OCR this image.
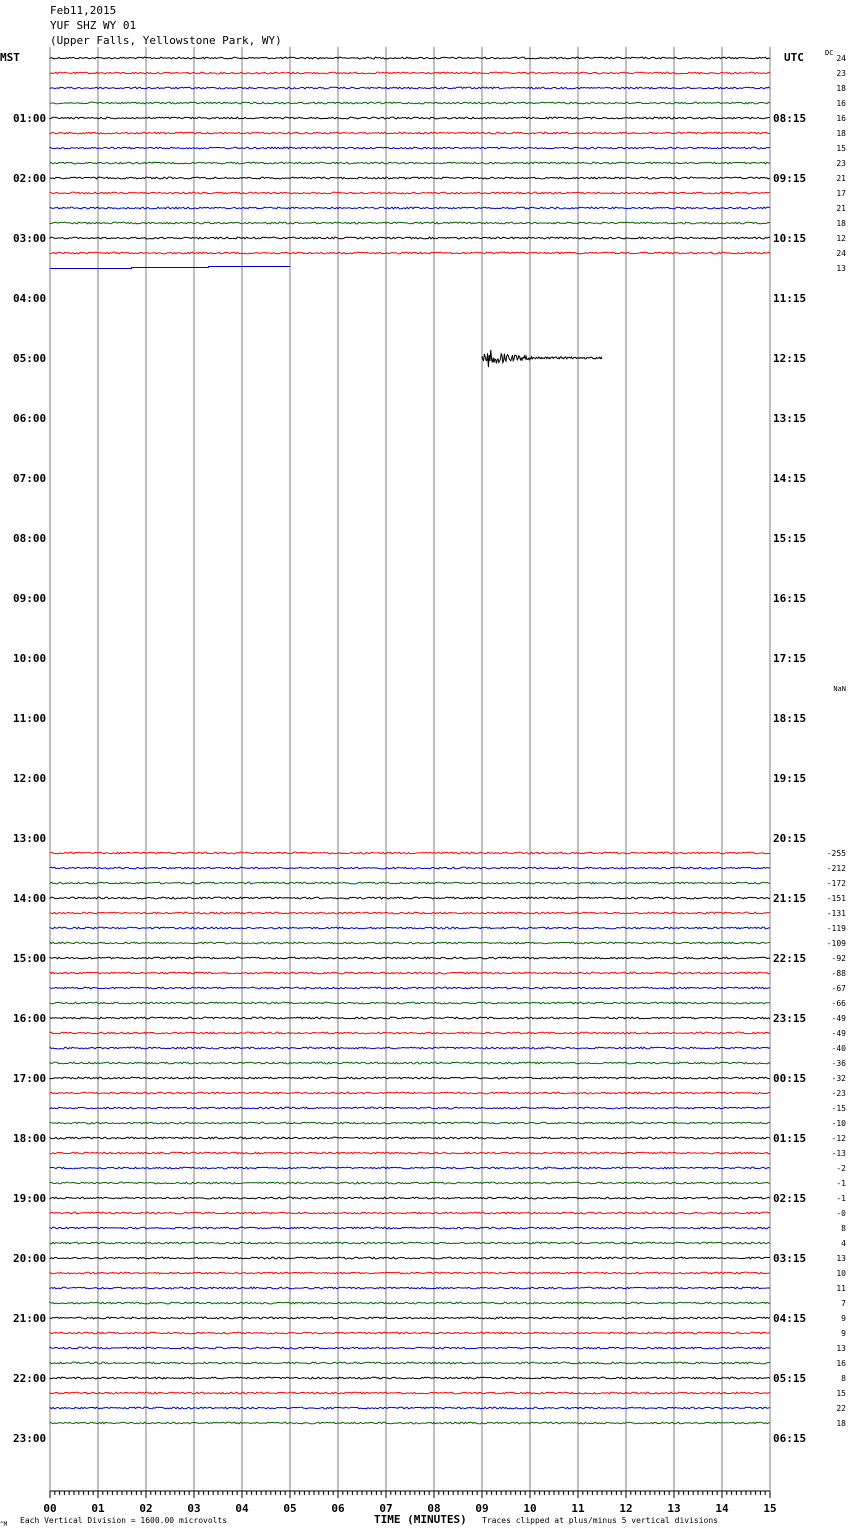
Feb11,2015
YUF SHZ WY 01
(Upper Falls, Yellowstone Park, WY)
MST	UTC
01:00
02:00
03:00
04:00
05:00
06:00
07:00
08:00
09:00
10:00
11:00
12:00
13:00
14:00
15:00
16:00
17:00
18:00
19:00
20:00
21:00
22:00
23:00
08:15
09:15
10:15
11:15
12:15
13:15
14:15
15:15
16:15
17:15
18:15
19:15
20:15
21:15
22:15
23:15
00:15
01:15
02:15
03:15
04:15
05:15
06:15
DC
NaN
24
23
18
16
16
18
15
23
21
17
21
18
12
24
13
-255
-212
-172
-151
-131
-119
-109
-92
-88
-67
-66
-49
-49
-40
-36
-32
-23
-15
-10
-12
-13
-2
-1
-1
-0
8
4
13
10
11
7
9
9
13
16
8
15
22
18
00	01	02	03	04	05	06	07	08	09	10	11	12	13	14	15
^M Each Vertical Division = 1600.00 microvolts	TIME (MINUTES) Traces clipped at plus/minus 5 vertical divisions
